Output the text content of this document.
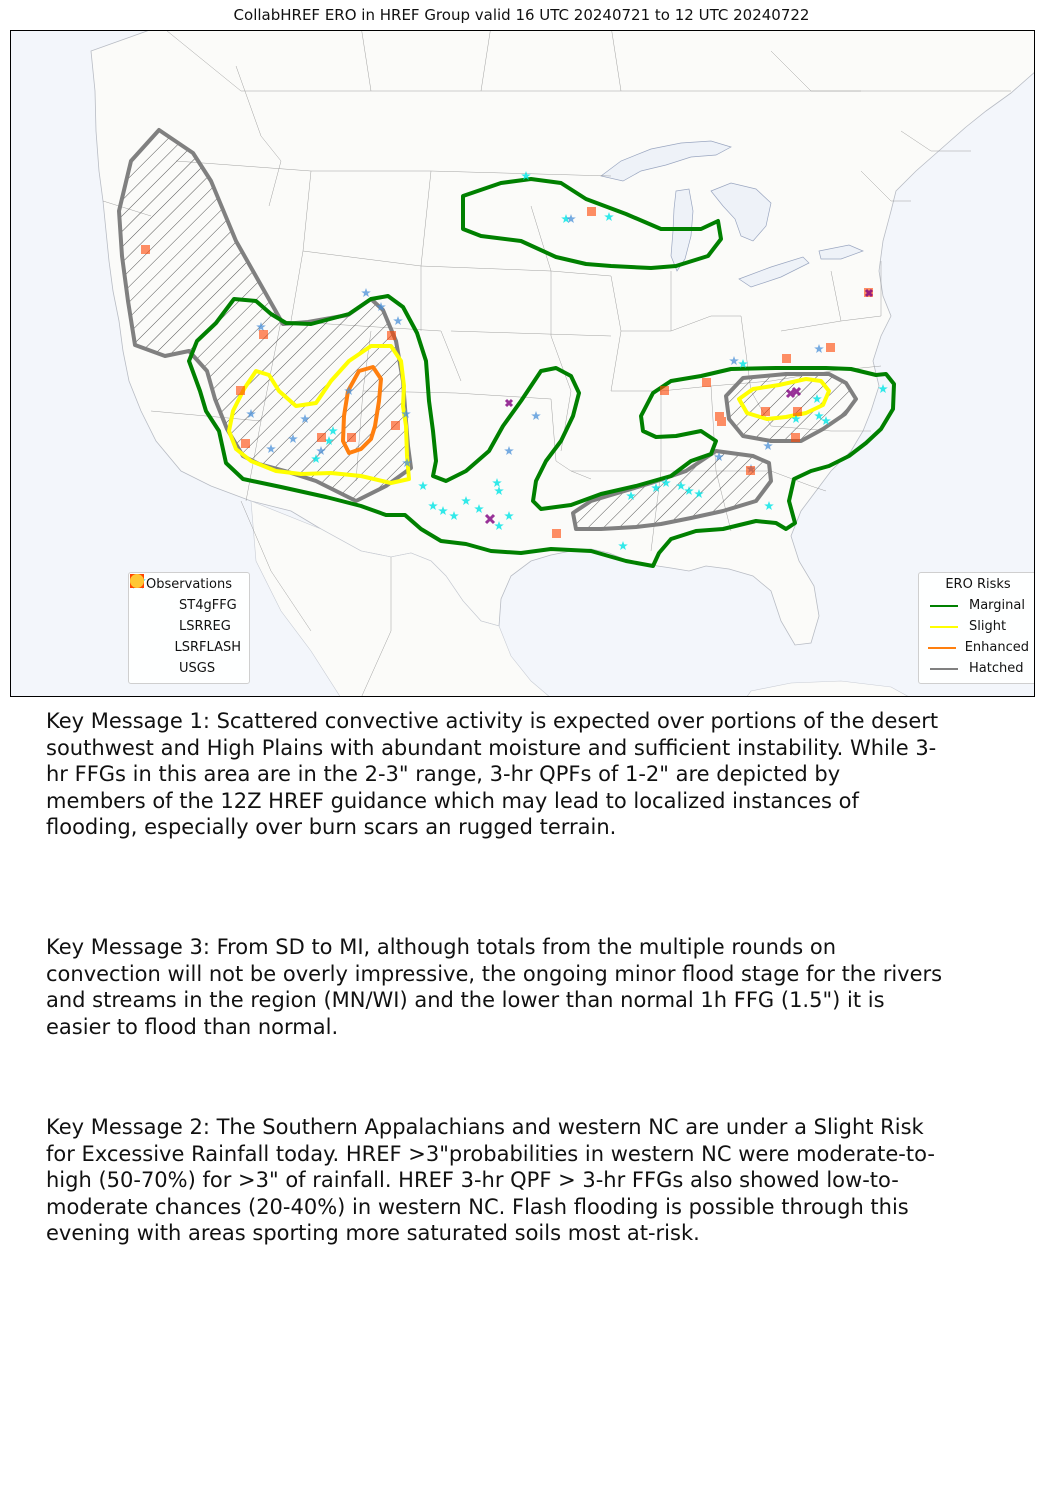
CollabHREF ERO in HREF Group valid 16 UTC 20240721 to 12 UTC 20240722
Observations
ST4gFFG
LSRREG
LSRFLASH
USGS
ERO Risks
Marginal
Slight
Enhanced
Hatched
Key Message 1: Scattered convective activity is expected over portions of the desert southwest and High Plains with abundant moisture and sufficient instability. While 3-hr FFGs in this area are in the 2-3" range, 3-hr QPFs of 1-2" are depicted by members of the 12Z HREF guidance which may lead to localized instances of flooding, especially over burn scars an rugged terrain.
Key Message 3: From SD to MI, although totals from the multiple rounds on convection will not be overly impressive, the ongoing minor flood stage for the rivers and streams in the region (MN/WI) and the lower than normal 1h FFG (1.5") it is easier to flood than normal.
Key Message 2: The Southern Appalachians and western NC are under a Slight Risk for Excessive Rainfall today. HREF >3"probabilities in western NC were moderate-to-high (50-70%) for >3" of rainfall. HREF 3-hr QPF > 3-hr FFGs also showed low-to-moderate chances (20-40%) in western NC. Flash flooding is possible through this evening with areas sporting more saturated soils most at-risk.
